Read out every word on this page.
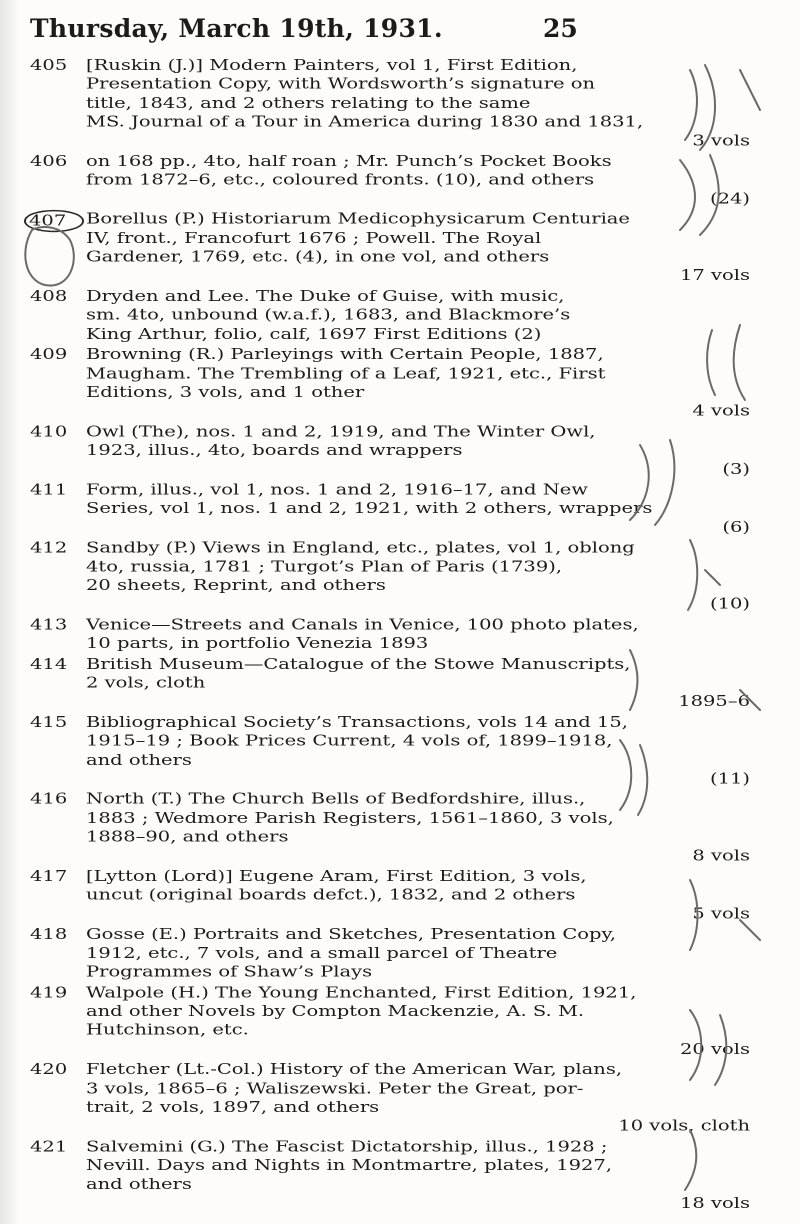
Thursday, March 19th, 1931.	25
405 [Ruskin (J.)] Modern Painters, vol 1, First Edition,
Presentation Copy, with Wordsworth’s signature on
title, 1843, and 2 others relating to the same
MS. Journal of a Tour in America during 1830 and 1831,
3 vols
406 on 168 pp., 4to, half roan ; Mr. Punch’s Pocket Books
from 1872–6, etc., coloured fronts. (10), and others
(24)
407	Borellus (P.) Historiarum Medicophysicarum Centuriae
IV, front., Francofurt 1676 ; Powell. The Royal
Gardener, 1769, etc. (4), in one vol, and others
17 vols
408 Dryden and Lee. The Duke of Guise, with music,
sm. 4to, unbound (w.a.f.), 1683, and Blackmore’s
King Arthur, folio, calf, 1697 First Editions (2)
409 Browning (R.) Parleyings with Certain People, 1887,
Maugham. The Trembling of a Leaf, 1921, etc., First
Editions, 3 vols, and 1 other
4 vols
410 Owl (The), nos. 1 and 2, 1919, and The Winter Owl,
1923, illus., 4to, boards and wrappers
(3)
411 Form, illus., vol 1, nos. 1 and 2, 1916–17, and New
Series, vol 1, nos. 1 and 2, 1921, with 2 others, wrappers
(6)
412 Sandby (P.) Views in England, etc., plates, vol 1, oblong
4to, russia, 1781 ; Turgot’s Plan of Paris (1739),
20 sheets, Reprint, and others
(10)
413 Venice—Streets and Canals in Venice, 100 photo plates,
10 parts, in portfolio Venezia 1893
414 British Museum—Catalogue of the Stowe Manuscripts,
2 vols, cloth
1895–6
415 Bibliographical Society’s Transactions, vols 14 and 15,
1915–19 ; Book Prices Current, 4 vols of, 1899–1918,
and others
(11)
416 North (T.) The Church Bells of Bedfordshire, illus.,
1883 ; Wedmore Parish Registers, 1561–1860, 3 vols,
1888–90, and others
8 vols
417 [Lytton (Lord)] Eugene Aram, First Edition, 3 vols,
uncut (original boards defct.), 1832, and 2 others
5 vols
418 Gosse (E.) Portraits and Sketches, Presentation Copy,
1912, etc., 7 vols, and a small parcel of Theatre
Programmes of Shaw’s Plays
419 Walpole (H.) The Young Enchanted, First Edition, 1921,
and other Novels by Compton Mackenzie, A. S. M.
Hutchinson, etc.
20 vols
420 Fletcher (Lt.-Col.) History of the American War, plans,
3 vols, 1865–6 ; Waliszewski. Peter the Great, por-
trait, 2 vols, 1897, and others
10 vols, cloth
421 Salvemini (G.) The Fascist Dictatorship, illus., 1928 ;
Nevill. Days and Nights in Montmartre, plates, 1927,
and others
18 vols
